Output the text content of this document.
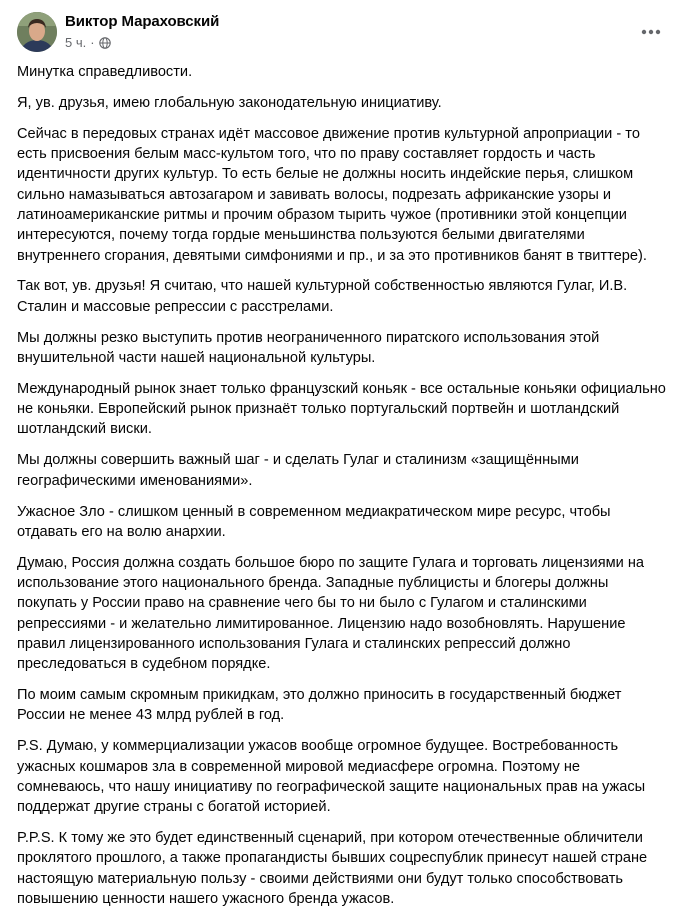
Виктор Мараховский
5 ч. ·

Минутка справедливости.

Я, ув. друзья, имею глобальную законодательную инициативу.

Сейчас в передовых странах идёт массовое движение против культурной апроприации - то есть присвоения белым масс-культом того, что по праву составляет гордость и часть идентичности других культур. То есть белые не должны носить индейские перья, слишком сильно намазываться автозагаром и завивать волосы, подрезать африканские узоры и латиноамериканские ритмы и прочим образом тырить чужое (противники этой концепции интересуются, почему тогда гордые меньшинства пользуются белыми двигателями внутреннего сгорания, девятыми симфониями и пр., и за это противников банят в твиттере).

Так вот, ув. друзья! Я считаю, что нашей культурной собственностью являются Гулаг, И.В. Сталин и массовые репрессии с расстрелами.

Мы должны резко выступить против неограниченного пиратского использования этой внушительной части нашей национальной культуры.

Международный рынок знает только французский коньяк - все остальные коньяки официально не коньяки. Европейский рынок признаёт только португальский портвейн и шотландский шотландский виски.

Мы должны совершить важный шаг - и сделать Гулаг и сталинизм «защищёнными географическими именованиями».

Ужасное Зло - слишком ценный в современном медиакратическом мире ресурс, чтобы отдавать его на волю анархии.

Думаю, Россия должна создать большое бюро по защите Гулага и торговать лицензиями на использование этого национального бренда. Западные публицисты и блогеры должны покупать у России право на сравнение чего бы то ни было с Гулагом и сталинскими репрессиями - и желательно лимитированное. Лицензию надо возобновлять. Нарушение правил лицензированного использования Гулага и сталинских репрессий должно преследоваться в судебном порядке.

По моим самым скромным прикидкам, это должно приносить в государственный бюджет России не менее 43 млрд рублей в год.

P.S. Думаю, у коммерциализации ужасов вообще огромное будущее. Востребованность ужасных кошмаров зла в современной мировой медиасфере огромна. Поэтому не сомневаюсь, что нашу инициативу по географической защите национальных прав на ужасы поддержат другие страны с богатой историей.

P.P.S. К тому же это будет единственный сценарий, при котором отечественные обличители проклятого прошлого, а также пропагандисты бывших соцреспублик принесут нашей стране настоящую материальную пользу - своими действиями они будут только способствовать повышению ценности нашего ужасного бренда ужасов.
